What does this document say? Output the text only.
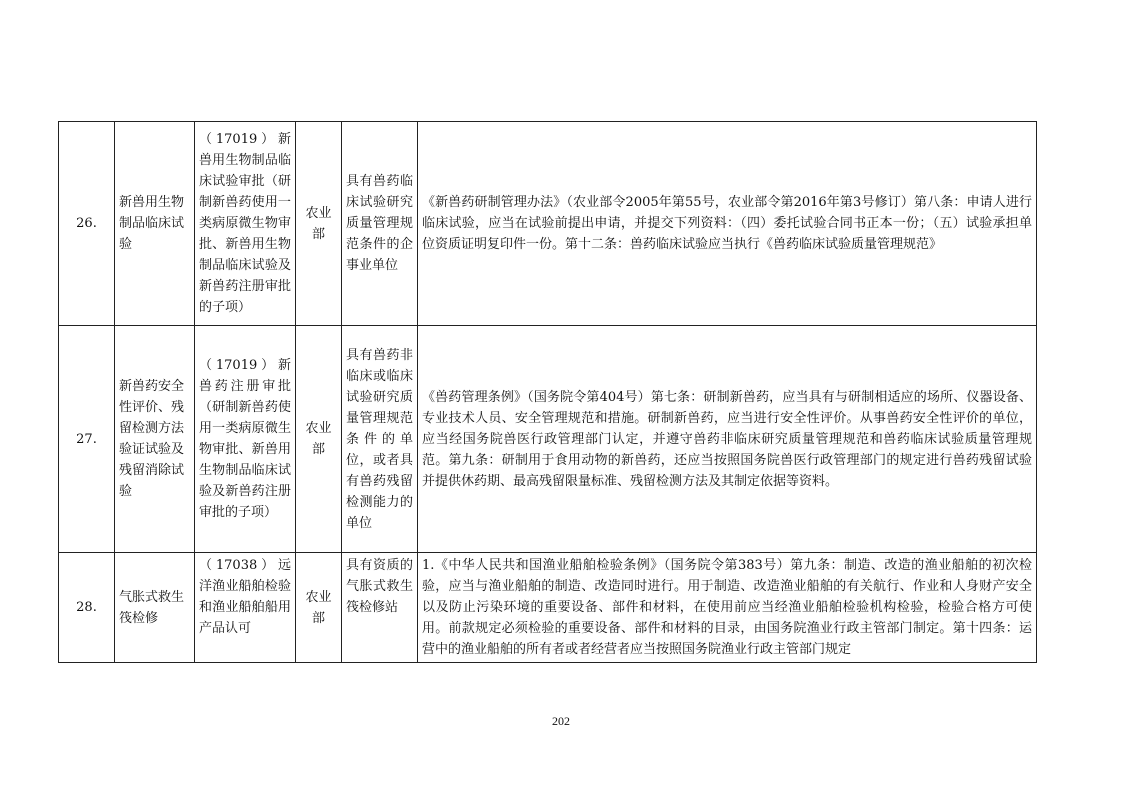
26.	新兽用生物制品临床试验	（17019）新兽用生物制品临床试验审批（研制新兽药使用一类病原微生物审批、新兽用生物制品临床试验及新兽药注册审批的子项）	农业部	具有兽药临床试验研究质量管理规范条件的企事业单位	《新兽药研制管理办法》（农业部令2005年第55号，农业部令第2016年第3号修订）第八条：申请人进行临床试验，应当在试验前提出申请，并提交下列资料：（四）委托试验合同书正本一份；（五）试验承担单位资质证明复印件一份。第十二条：兽药临床试验应当执行《兽药临床试验质量管理规范》
27.	新兽药安全性评价、残留检测方法验证试验及残留消除试验	（17019）新兽药注册审批（研制新兽药使用一类病原微生物审批、新兽用生物制品临床试验及新兽药注册审批的子项）	农业部	具有兽药非临床或临床试验研究质量管理规范条件的单位，或者具有兽药残留检测能力的单位	《兽药管理条例》（国务院令第404号）第七条：研制新兽药，应当具有与研制相适应的场所、仪器设备、专业技术人员、安全管理规范和措施。研制新兽药，应当进行安全性评价。从事兽药安全性评价的单位，应当经国务院兽医行政管理部门认定，并遵守兽药非临床研究质量管理规范和兽药临床试验质量管理规范。第九条：研制用于食用动物的新兽药，还应当按照国务院兽医行政管理部门的规定进行兽药残留试验并提供休药期、最高残留限量标准、残留检测方法及其制定依据等资料。
28.	气胀式救生筏检修	（17038）远洋渔业船舶检验和渔业船舶船用产品认可	农业部	具有资质的气胀式救生筏检修站	1.《中华人民共和国渔业船舶检验条例》（国务院令第383号）第九条：制造、改造的渔业船舶的初次检验，应当与渔业船舶的制造、改造同时进行。用于制造、改造渔业船舶的有关航行、作业和人身财产安全以及防止污染环境的重要设备、部件和材料，在使用前应当经渔业船舶检验机构检验，检验合格方可使用。前款规定必须检验的重要设备、部件和材料的目录，由国务院渔业行政主管部门制定。第十四条：运营中的渔业船舶的所有者或者经营者应当按照国务院渔业行政主管部门规定
202
